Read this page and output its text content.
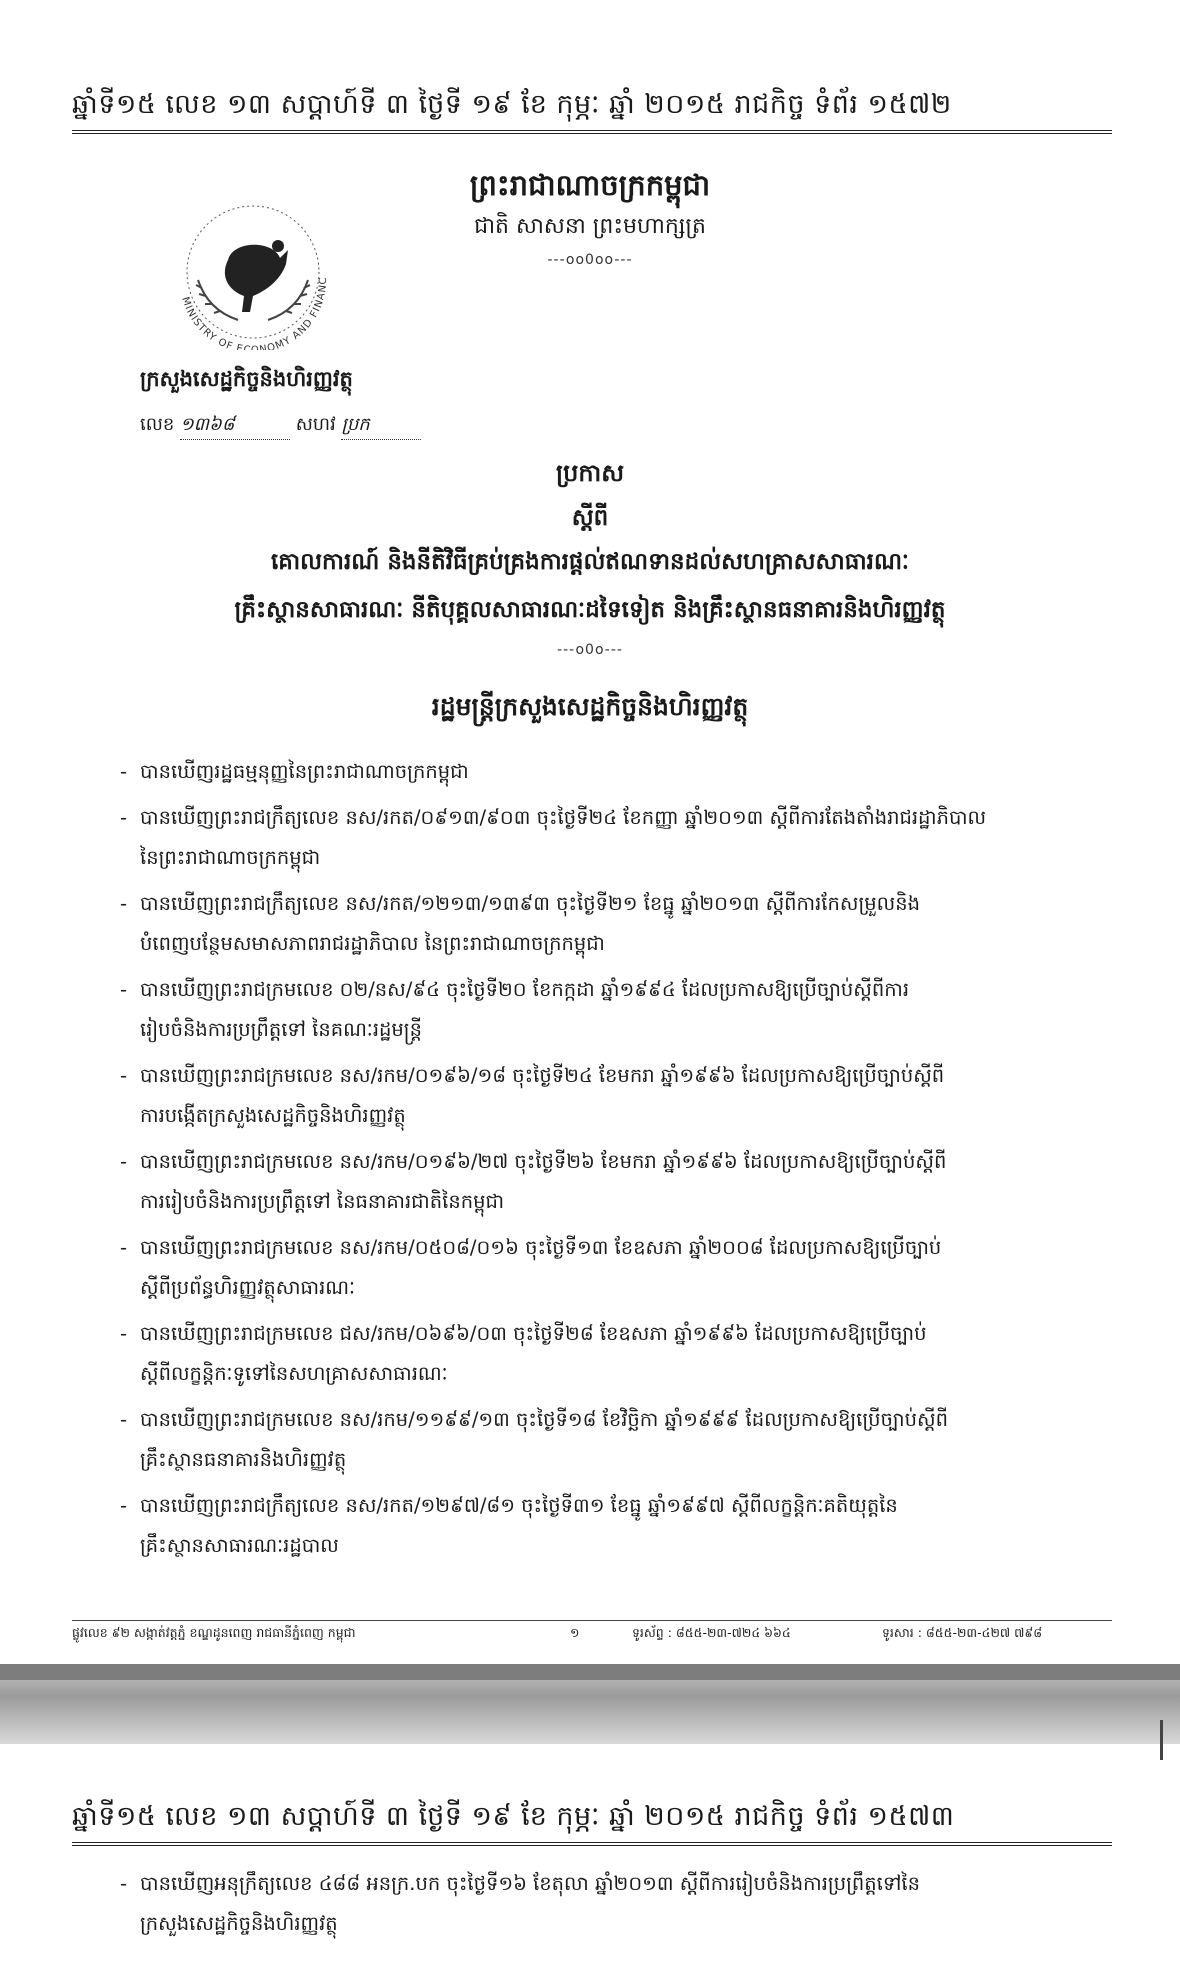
ឆ្នាំទី១៥ លេខ ១៣ សប្តាហ៍ទី ៣ ថ្ងៃទី ១៩ ខែ កុម្ភៈ ឆ្នាំ ២០១៥ រាជកិច្ច ទំព័រ ១៥៧២
ព្រះរាជាណាចក្រកម្ពុជា
ជាតិ សាសនា ព្រះមហាក្សត្រ
---oo0oo---
MINISTRY OF E NOMY AND FINANC
ក្រសួងសេដ្ឋកិច្ចនិងហិរញ្ញវត្ថុ
លេខ ១៣៦៨	សហវ ប្រក
ប្រកាស
ស្តីពី
គោលការណ៍ និងនីតិវិធីគ្រប់គ្រងការផ្តល់ឥណទានដល់សហគ្រាសសាធារណៈ
គ្រឹះស្ថានសាធារណៈ នីតិបុគ្គលសាធារណៈដទៃទៀត និងគ្រឹះស្ថានធនាគារនិងហិរញ្ញវត្ថុ
---o0o---
រដ្ឋមន្ត្រីក្រសួងសេដ្ឋកិច្ចនិងហិរញ្ញវត្ថុ
- បានឃើញរដ្ឋធម្មនុញ្ញនៃព្រះរាជាណាចក្រកម្ពុជា
- បានឃើញព្រះរាជក្រឹត្យលេខ នស/រកត/០៩១៣/៩០៣ ចុះថ្ងៃទី២៤ ខែកញ្ញា ឆ្នាំ២០១៣ ស្តីពីការតែងតាំងរាជរដ្ឋាភិបាល
នៃព្រះរាជាណាចក្រកម្ពុជា
- បានឃើញព្រះរាជក្រឹត្យលេខ នស/រកត/១២១៣/១៣៩៣ ចុះថ្ងៃទី២១ ខែធ្នូ ឆ្នាំ២០១៣ ស្តីពីការកែសម្រួលនិង
បំពេញបន្ថែមសមាសភាពរាជរដ្ឋាភិបាល នៃព្រះរាជាណាចក្រកម្ពុជា
- បានឃើញព្រះរាជក្រមលេខ ០២/នស/៩៤ ចុះថ្ងៃទី២០ ខែកក្កដា ឆ្នាំ១៩៩៤ ដែលប្រកាសឱ្យប្រើច្បាប់ស្តីពីការ
រៀបចំនិងការប្រព្រឹត្តទៅ នៃគណៈរដ្ឋមន្ត្រី
- បានឃើញព្រះរាជក្រមលេខ នស/រកម/០១៩៦/១៨ ចុះថ្ងៃទី២៤ ខែមករា ឆ្នាំ១៩៩៦ ដែលប្រកាសឱ្យប្រើច្បាប់ស្តីពី
ការបង្កើតក្រសួងសេដ្ឋកិច្ចនិងហិរញ្ញវត្ថុ
- បានឃើញព្រះរាជក្រមលេខ នស/រកម/០១៩៦/២៧ ចុះថ្ងៃទី២៦ ខែមករា ឆ្នាំ១៩៩៦ ដែលប្រកាសឱ្យប្រើច្បាប់ស្តីពី
ការរៀបចំនិងការប្រព្រឹត្តទៅ នៃធនាគារជាតិនៃកម្ពុជា
- បានឃើញព្រះរាជក្រមលេខ នស/រកម/០៥០៨/០១៦ ចុះថ្ងៃទី១៣ ខែឧសភា ឆ្នាំ២០០៨ ដែលប្រកាសឱ្យប្រើច្បាប់
ស្តីពីប្រព័ន្ធហិរញ្ញវត្ថុសាធារណៈ
- បានឃើញព្រះរាជក្រមលេខ ជស/រកម/០៦៩៦/០៣ ចុះថ្ងៃទី២៨ ខែឧសភា ឆ្នាំ១៩៩៦ ដែលប្រកាសឱ្យប្រើច្បាប់
ស្តីពីលក្ខន្តិកៈទូទៅនៃសហគ្រាសសាធារណៈ
- បានឃើញព្រះរាជក្រមលេខ នស/រកម/១១៩៩/១៣ ចុះថ្ងៃទី១៨ ខែវិច្ឆិកា ឆ្នាំ១៩៩៩ ដែលប្រកាសឱ្យប្រើច្បាប់ស្តីពី
គ្រឹះស្ថានធនាគារនិងហិរញ្ញវត្ថុ
- បានឃើញព្រះរាជក្រឹត្យលេខ នស/រកត/១២៩៧/៨១ ចុះថ្ងៃទី៣១ ខែធ្នូ ឆ្នាំ១៩៩៧ ស្តីពីលក្ខន្តិកៈគតិយុត្តនៃ
គ្រឹះស្ថានសាធារណៈរដ្ឋបាល
ផ្លូវលេខ ៩២ សង្កាត់វត្តភ្នំ ខណ្ឌដូនពេញ រាជធានីភ្នំពេញ កម្ពុជា	១	ទូរស័ព្ទ : ៨៥៥-២៣-៧២៤ ៦៦៤	ទូរសារ : ៨៥៥-២៣-៤២៧ ៧៩៨
ឆ្នាំទី១៥ លេខ ១៣ សប្តាហ៍ទី ៣ ថ្ងៃទី ១៩ ខែ កុម្ភៈ ឆ្នាំ ២០១៥ រាជកិច្ច ទំព័រ ១៥៧៣
- បានឃើញអនុក្រឹត្យលេខ ៤៨៨ អនក្រ.បក ចុះថ្ងៃទី១៦ ខែតុលា ឆ្នាំ២០១៣ ស្តីពីការរៀបចំនិងការប្រព្រឹត្តទៅនៃ
ក្រសួងសេដ្ឋកិច្ចនិងហិរញ្ញវត្ថុ
